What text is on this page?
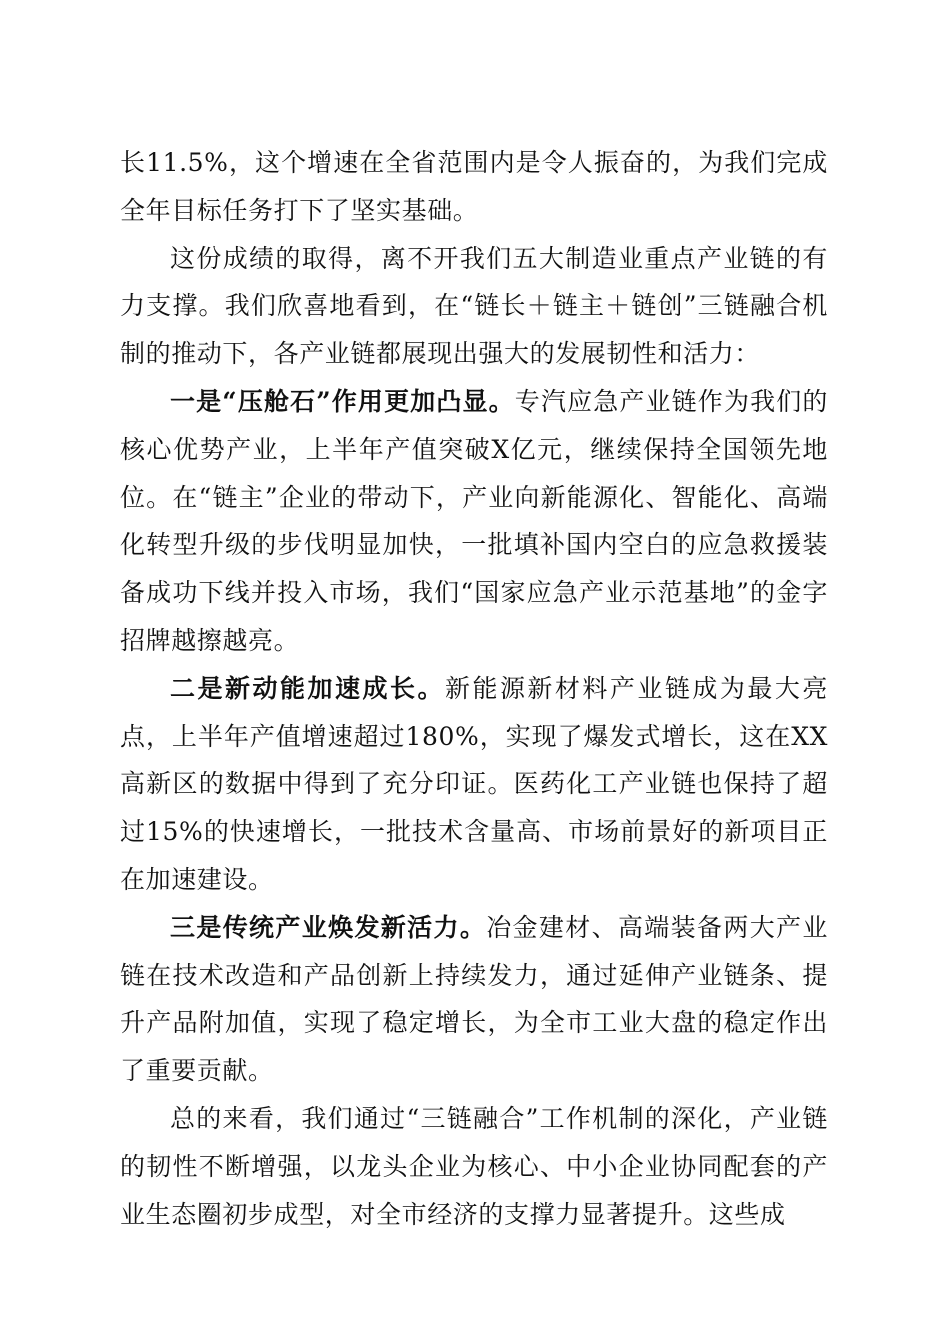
长11.5%，这个增速在全省范围内是令人振奋的，为我们完成全年目标任务打下了坚实基础。

这份成绩的取得，离不开我们五大制造业重点产业链的有力支撑。我们欣喜地看到，在“链长＋链主＋链创”三链融合机制的推动下，各产业链都展现出强大的发展韧性和活力：

一是“压舱石”作用更加凸显。专汽应急产业链作为我们的核心优势产业，上半年产值突破X亿元，继续保持全国领先地位。在“链主”企业的带动下，产业向新能源化、智能化、高端化转型升级的步伐明显加快，一批填补国内空白的应急救援装备成功下线并投入市场，我们“国家应急产业示范基地”的金字招牌越擦越亮。

二是新动能加速成长。新能源新材料产业链成为最大亮点，上半年产值增速超过180%，实现了爆发式增长，这在XX高新区的数据中得到了充分印证。医药化工产业链也保持了超过15%的快速增长，一批技术含量高、市场前景好的新项目正在加速建设。

三是传统产业焕发新活力。冶金建材、高端装备两大产业链在技术改造和产品创新上持续发力，通过延伸产业链条、提升产品附加值，实现了稳定增长，为全市工业大盘的稳定作出了重要贡献。

总的来看，我们通过“三链融合”工作机制的深化，产业链的韧性不断增强，以龙头企业为核心、中小企业协同配套的产业生态圈初步成型，对全市经济的支撑力显著提升。这些成
